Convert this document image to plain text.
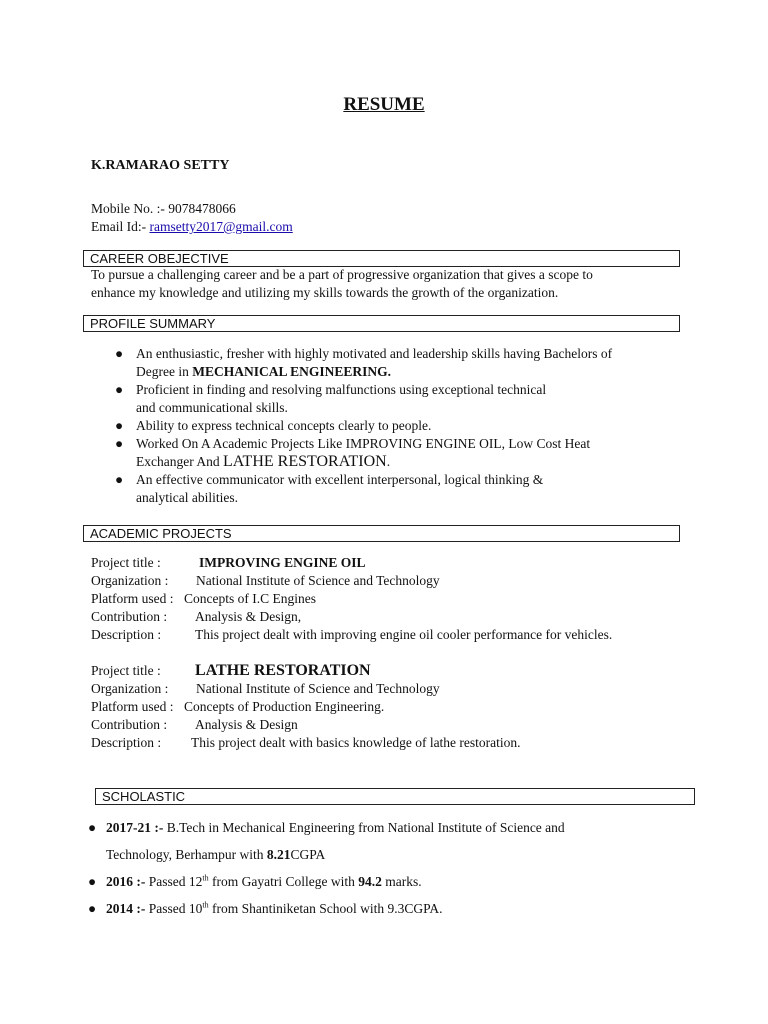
RESUME
K.RAMARAO SETTY
Mobile No. :- 9078478066
Email Id:- ramsetty2017@gmail.com
CAREER OBEJECTIVE
To pursue a challenging career and be a part of progressive organization that gives a scope to
enhance my knowledge and utilizing my skills towards the growth of the organization.
PROFILE SUMMARY
● An enthusiastic, fresher with highly motivated and leadership skills having Bachelors of
Degree in MECHANICAL ENGINEERING.
● Proficient in finding and resolving malfunctions using exceptional technical
and communicational skills.
● Ability to express technical concepts clearly to people.
● Worked On A Academic Projects Like IMPROVING ENGINE OIL, Low Cost Heat
Exchanger And LATHE RESTORATION.
● An effective communicator with excellent interpersonal, logical thinking &
analytical abilities.
ACADEMIC PROJECTS
Project title :	IMPROVING ENGINE OIL
Organization : National Institute of Science and Technology
Platform used : Concepts of I.C Engines
Contribution : Analysis & Design,
Description :	This project dealt with improving engine oil cooler performance for vehicles.
Project title : LATHE RESTORATION
Organization : National Institute of Science and Technology
Platform used : Concepts of Production Engineering.
Contribution : Analysis & Design
Description : This project dealt with basics knowledge of lathe restoration.
SCHOLASTIC
● 2017-21 :- B.Tech in Mechanical Engineering from National Institute of Science and
Technology, Berhampur with 8.21CGPA
● 2016 :- Passed 12th from Gayatri College with 94.2 marks.
● 2014 :- Passed 10th from Shantiniketan School with 9.3CGPA.
